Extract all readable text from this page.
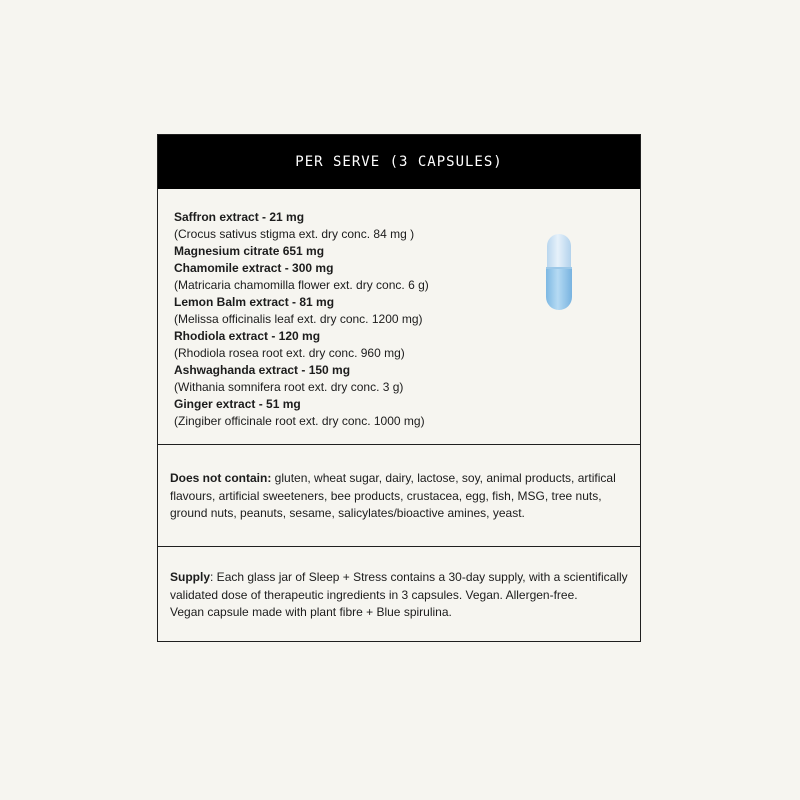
PER SERVE (3 CAPSULES)
Saffron extract - 21 mg
(Crocus sativus stigma ext. dry conc. 84 mg )
Magnesium citrate 651 mg
Chamomile extract - 300 mg
(Matricaria chamomilla flower ext. dry conc. 6 g)
Lemon Balm extract - 81 mg
(Melissa officinalis leaf ext. dry conc. 1200 mg)
Rhodiola extract - 120 mg
(Rhodiola rosea root ext. dry conc. 960 mg)
Ashwaghanda extract - 150 mg
(Withania somnifera root ext. dry conc. 3 g)
Ginger extract - 51 mg
(Zingiber officinale root ext. dry conc. 1000 mg)
Does not contain: gluten, wheat sugar, dairy, lactose, soy, animal products, artifical flavours, artificial sweeteners, bee products, crustacea, egg, fish, MSG, tree nuts, ground nuts, peanuts, sesame, salicylates/bioactive amines, yeast.

Supply: Each glass jar of Sleep + Stress contains a 30-day supply, with a scientifically validated dose of therapeutic ingredients in 3 capsules. Vegan. Allergen-free.

Vegan capsule made with plant fibre + Blue spirulina.
